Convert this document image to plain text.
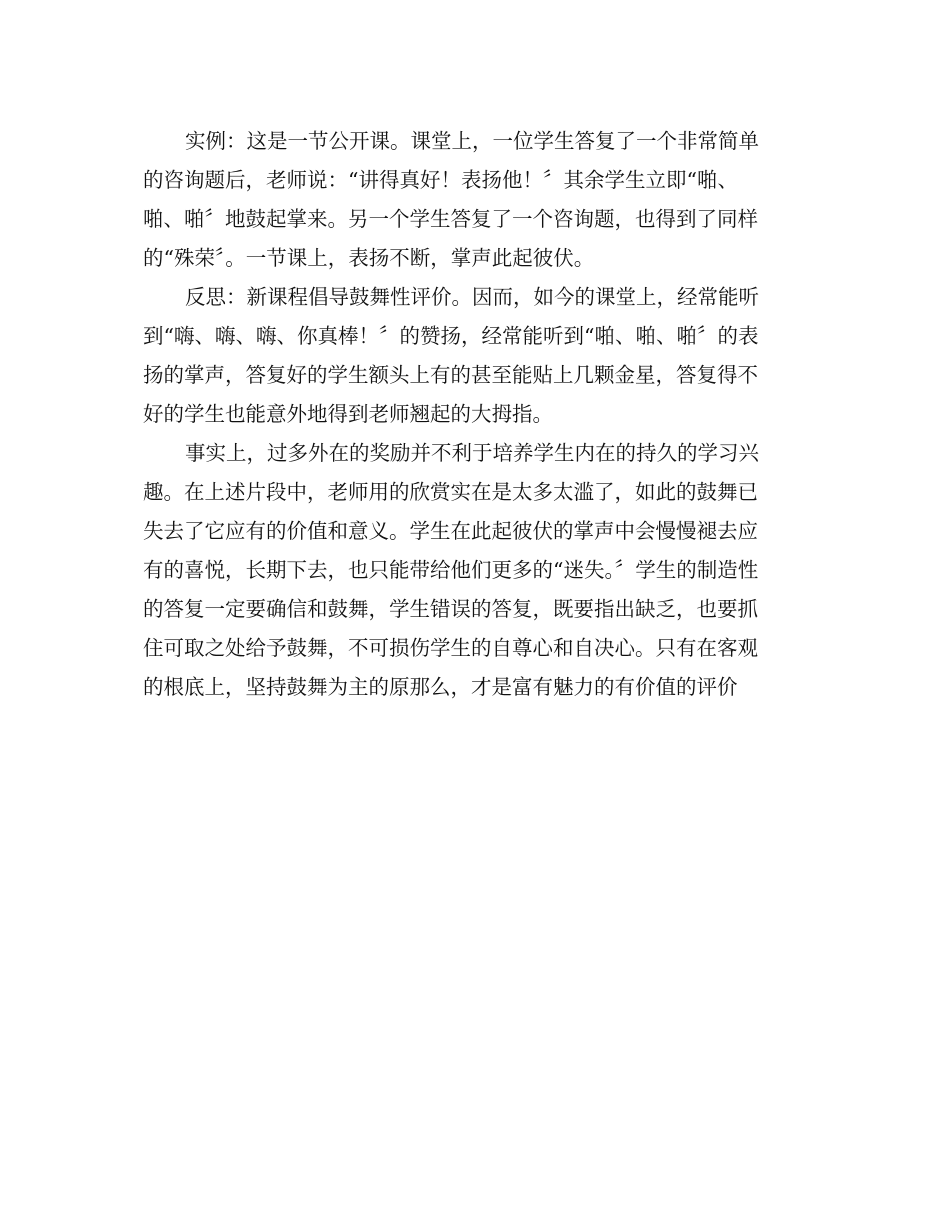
实例：这是一节公开课。课堂上，一位学生答复了一个非常简单
的咨询题后，老师说：“讲得真好！表扬他！〞其余学生立即“啪、
啪、啪〞地鼓起掌来。另一个学生答复了一个咨询题，也得到了同样
的“殊荣〞。一节课上，表扬不断，掌声此起彼伏。

反思：新课程倡导鼓舞性评价。因而，如今的课堂上，经常能听
到“嗨、嗨、嗨、你真棒！〞的赞扬，经常能听到“啪、啪、啪〞的表
扬的掌声，答复好的学生额头上有的甚至能贴上几颗金星，答复得不
好的学生也能意外地得到老师翘起的大拇指。

事实上，过多外在的奖励并不利于培养学生内在的持久的学习兴
趣。在上述片段中，老师用的欣赏实在是太多太滥了，如此的鼓舞已
失去了它应有的价值和意义。学生在此起彼伏的掌声中会慢慢褪去应
有的喜悦，长期下去，也只能带给他们更多的“迷失。〞学生的制造性
的答复一定要确信和鼓舞，学生错误的答复，既要指出缺乏，也要抓
住可取之处给予鼓舞，不可损伤学生的自尊心和自决心。只有在客观
的根底上，坚持鼓舞为主的原那么，才是富有魅力的有价值的评价
